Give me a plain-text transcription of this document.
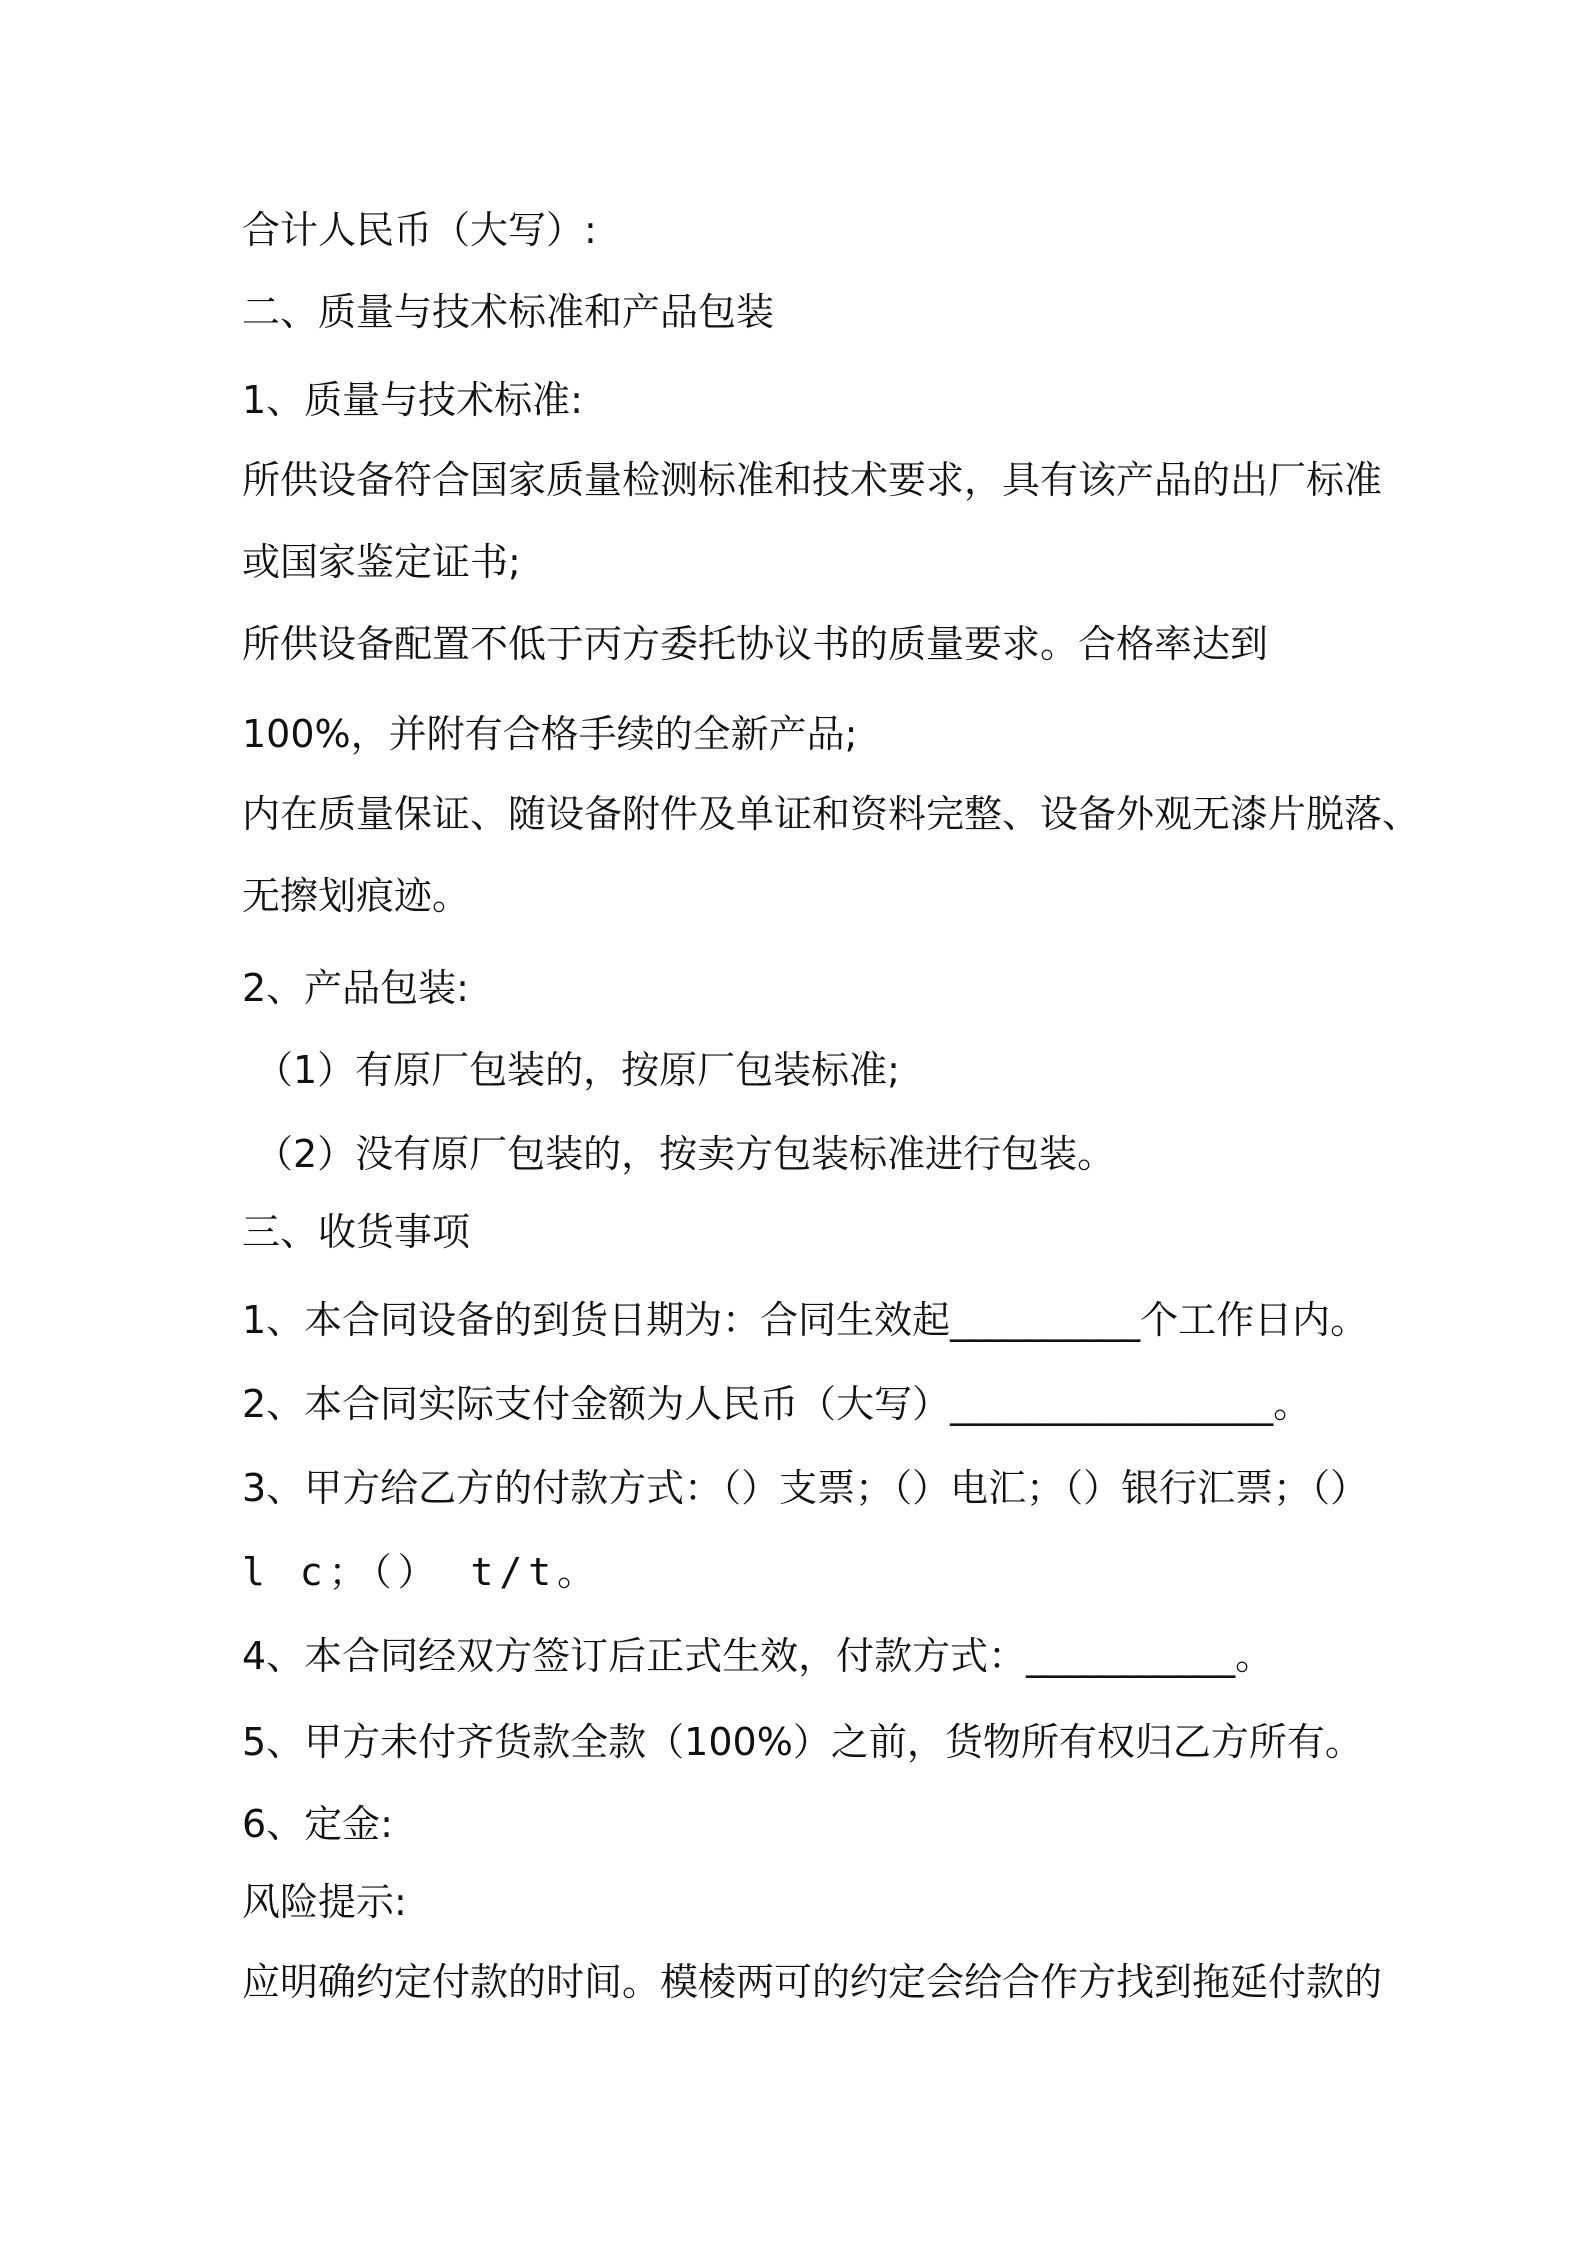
合计人民币（大写）:
二、质量与技术标准和产品包装
1、质量与技术标准:
所供设备符合国家质量检测标准和技术要求，具有该产品的出厂标准
或国家鉴定证书;
所供设备配置不低于丙方委托协议书的质量要求。合格率达到
100%，并附有合格手续的全新产品;
内在质量保证、随设备附件及单证和资料完整、设备外观无漆片脱落、
无擦划痕迹。
2、产品包装:
（1）有原厂包装的，按原厂包装标准;
（2）没有原厂包装的，按卖方包装标准进行包装。
三、收货事项
1、本合同设备的到货日期为：合同生效起__________个工作日内。
2、本合同实际支付金额为人民币（大写）_________________。
3、甲方给乙方的付款方式：（）支票；（）电汇；（）银行汇票；（）
l c；（） t/t。
4、本合同经双方签订后正式生效，付款方式：___________。
5、甲方未付齐货款全款（100%）之前，货物所有权归乙方所有。
6、定金:
风险提示:
应明确约定付款的时间。模棱两可的约定会给合作方找到拖延付款的
